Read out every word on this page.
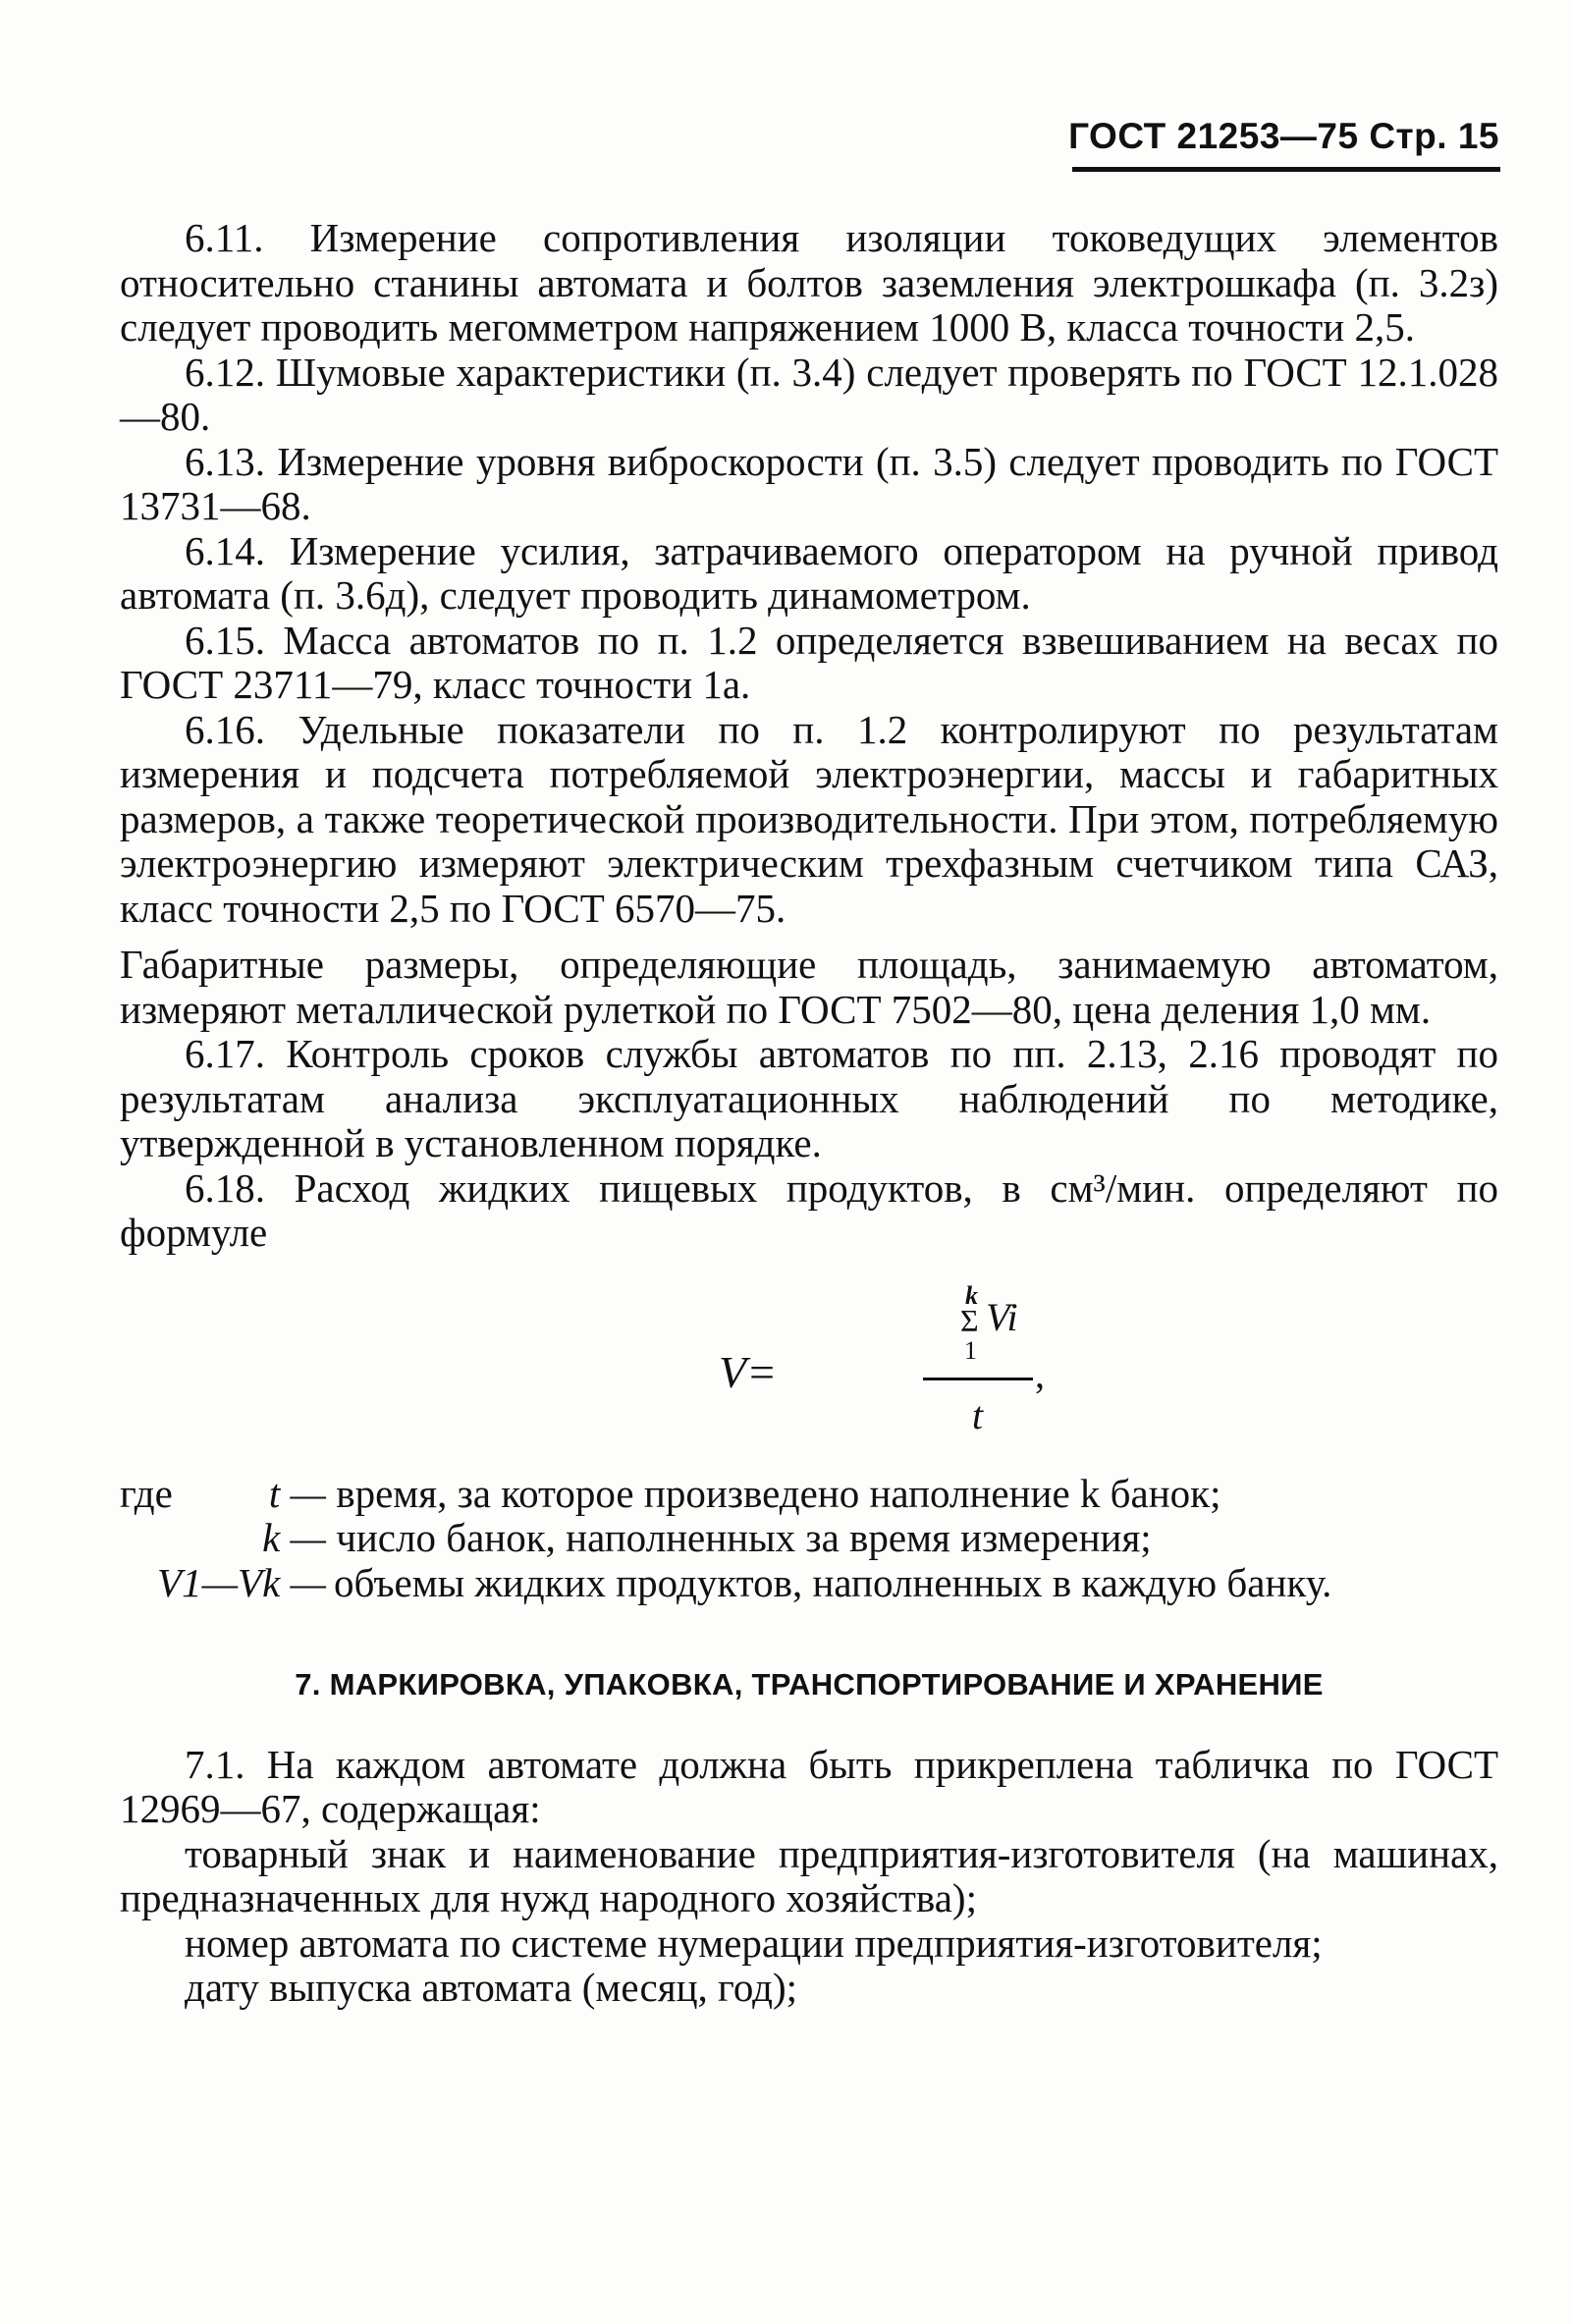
ГОСТ 21253—75 Стр. 15

6.11. Измерение сопротивления изоляции токоведущих элементов относительно станины автомата и болтов заземления электрошкафа (п. 3.2з) следует проводить мегомметром напряжением 1000 В, класса точности 2,5.

6.12. Шумовые характеристики (п. 3.4) следует проверять по ГОСТ 12.1.028—80.

6.13. Измерение уровня виброскорости (п. 3.5) следует проводить по ГОСТ 13731—68.

6.14. Измерение усилия, затрачиваемого оператором на ручной привод автомата (п. 3.6д), следует проводить динамометром.

6.15. Масса автоматов по п. 1.2 определяется взвешиванием на весах по ГОСТ 23711—79, класс точности 1а.

6.16. Удельные показатели по п. 1.2 контролируют по результатам измерения и подсчета потребляемой электроэнергии, массы и габаритных размеров, а также теоретической производительности. При этом, потребляемую электроэнергию измеряют электрическим трехфазным счетчиком типа САЗ, класс точности 2,5 по ГОСТ 6570—75.

Габаритные размеры, определяющие площадь, занимаемую автоматом, измеряют металлической рулеткой по ГОСТ 7502—80, цена деления 1,0 мм.

6.17. Контроль сроков службы автоматов по пп. 2.13, 2.16 проводят по результатам анализа эксплуатационных наблюдений по методике, утвержденной в установленном порядке.

6.18. Расход жидких пищевых продуктов, в см³/мин. определяют по формуле

k
Σ Vi
1
V=	,
t
где	t — время, за которое произведено наполнение k банок;
k — число банок, наполненных за время измерения;
V1—Vk — объемы жидких продуктов, наполненных в каждую банку.
7. МАРКИРОВКА, УПАКОВКА, ТРАНСПОРТИРОВАНИЕ И ХРАНЕНИЕ

7.1. На каждом автомате должна быть прикреплена табличка по ГОСТ 12969—67, содержащая:

товарный знак и наименование предприятия-изготовителя (на машинах, предназначенных для нужд народного хозяйства);

номер автомата по системе нумерации предприятия-изготовителя;

дату выпуска автомата (месяц, год);
